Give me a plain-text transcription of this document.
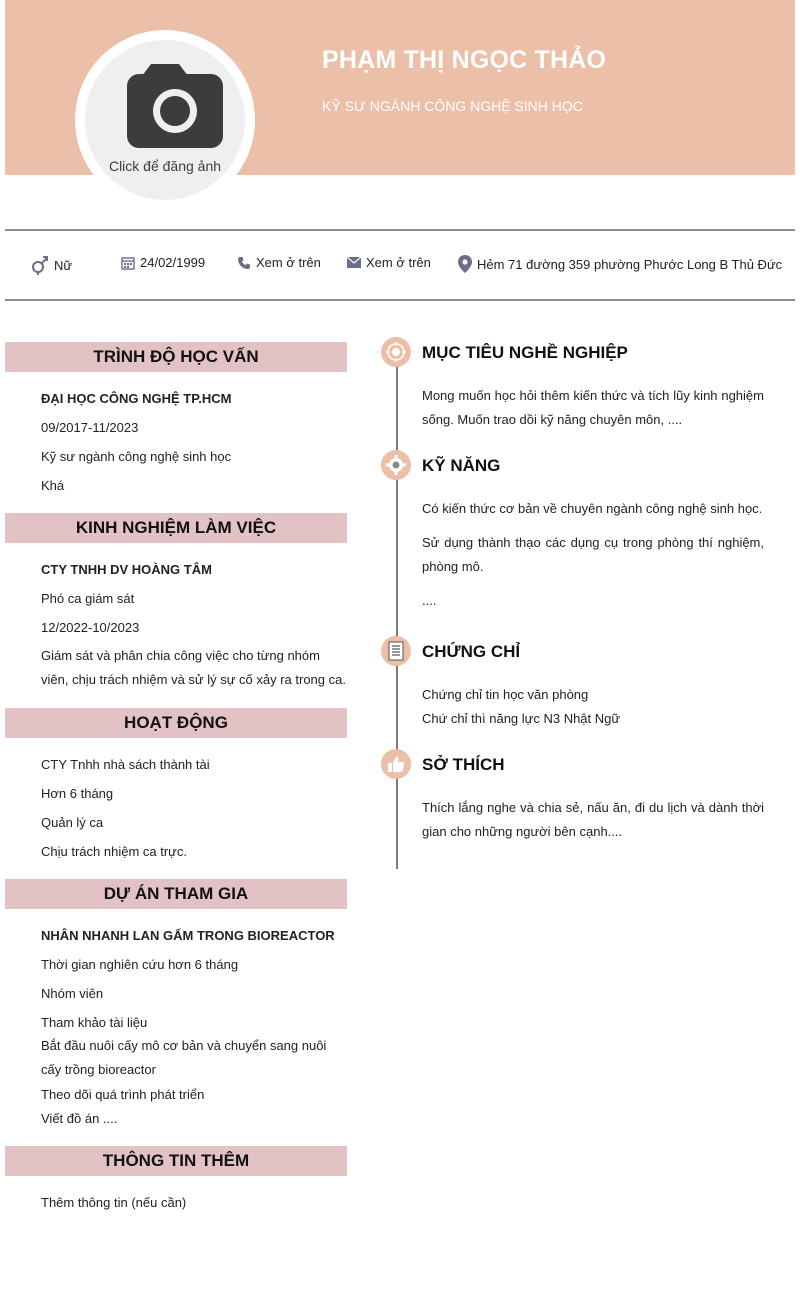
Click để đăng ảnh
PHẠM THỊ NGỌC THẢO
KỸ SƯ NGÀNH CÔNG NGHỆ SINH HỌC
Nữ	24/02/1999	Xem ở trên	Xem ở trên	Hẻm 71 đường 359 phường Phước Long B Thủ Đức
TRÌNH ĐỘ HỌC VẤN
ĐẠI HỌC CÔNG NGHỆ TP.HCM
09/2017-11/2023
Kỹ sư ngành công nghệ sinh học
Khá
KINH NGHIỆM LÀM VIỆC
CTY TNHH DV HOÀNG TÂM
Phó ca giám sát
12/2022-10/2023
Giám sát và phân chia công việc cho từng nhóm viên, chịu trách nhiệm và sử lý sự cố xảy ra trong ca.
HOẠT ĐỘNG
CTY Tnhh nhà sách thành tài
Hơn 6 tháng
Quản lý ca
Chịu trách nhiệm ca trực.
DỰ ÁN THAM GIA
NHÂN NHANH LAN GẤM TRONG BIOREACTOR
Thời gian nghiên cứu hơn 6 tháng
Nhóm viên
Tham khảo tài liệu
Bắt đầu nuôi cấy mô cơ bản và chuyển sang nuôi cấy trồng bioreactor
Theo dõi quá trình phát triển
Viết đồ án ....
THÔNG TIN THÊM
Thêm thông tin (nếu cần)
MỤC TIÊU NGHỀ NGHIỆP
Mong muốn học hỏi thêm kiến thức và tích lũy kinh nghiệm sống. Muốn trao dồi kỹ năng chuyên môn, ....
KỸ NĂNG
Có kiến thức cơ bản về chuyên ngành công nghệ sinh học.
Sử dụng thành thạo các dụng cụ trong phòng thí nghiệm, phòng mô.
....
CHỨNG CHỈ
Chứng chỉ tin học văn phòng
Chứ chỉ thì năng lực N3 Nhật Ngữ
SỞ THÍCH
Thích lắng nghe và chia sẻ, nấu ăn, đi du lịch và dành thời gian cho những người bên cạnh....
